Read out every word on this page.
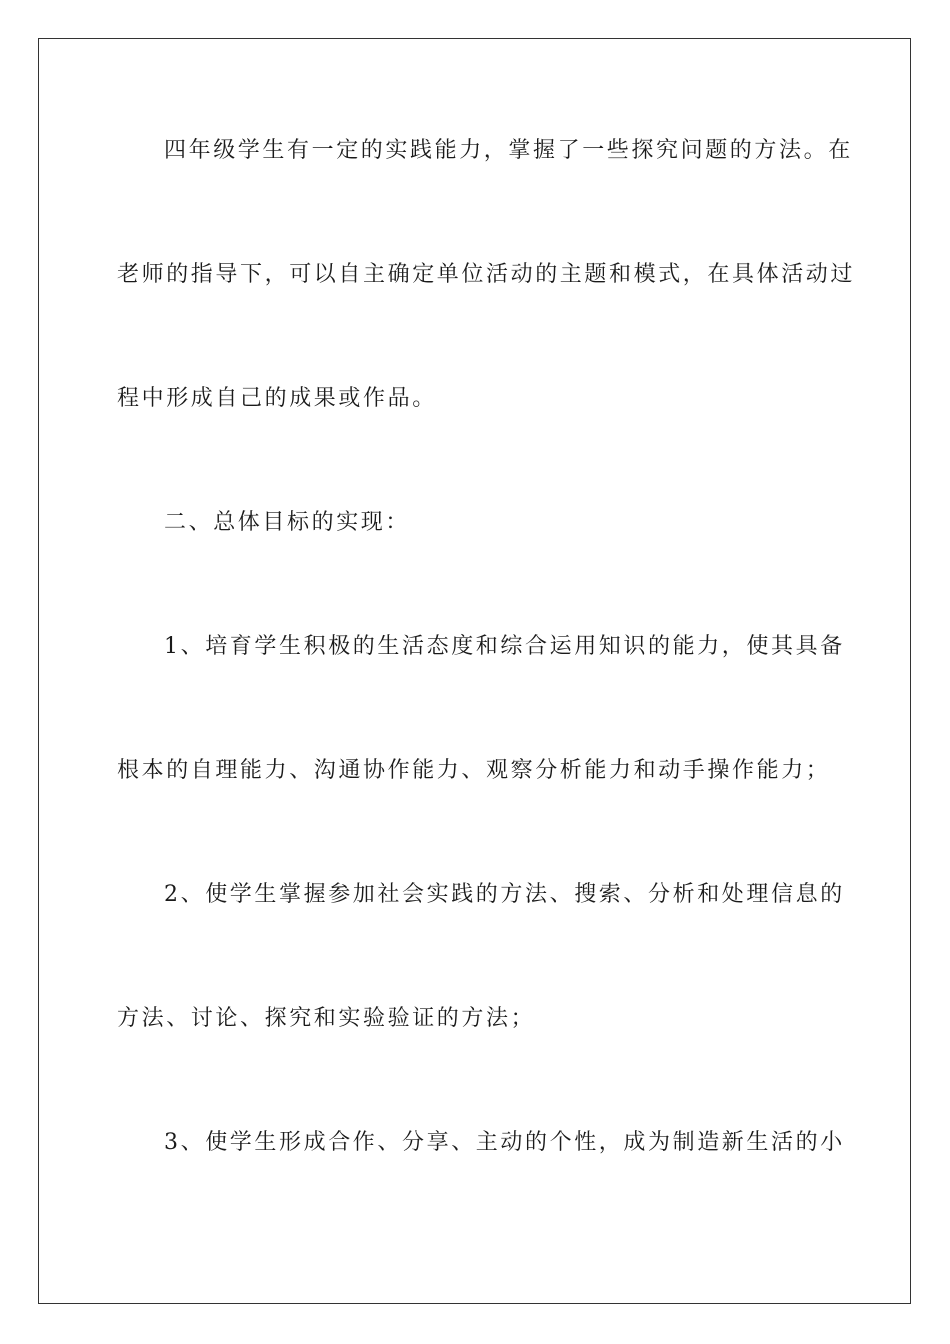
四年级学生有一定的实践能力，掌握了一些探究问题的方法。在
老师的指导下，可以自主确定单位活动的主题和模式，在具体活动过
程中形成自己的成果或作品。
二、总体目标的实现：
1、培育学生积极的生活态度和综合运用知识的能力，使其具备
根本的自理能力、沟通协作能力、观察分析能力和动手操作能力；
2、使学生掌握参加社会实践的方法、搜索、分析和处理信息的
方法、讨论、探究和实验验证的方法；
3、使学生形成合作、分享、主动的个性，成为制造新生活的小
